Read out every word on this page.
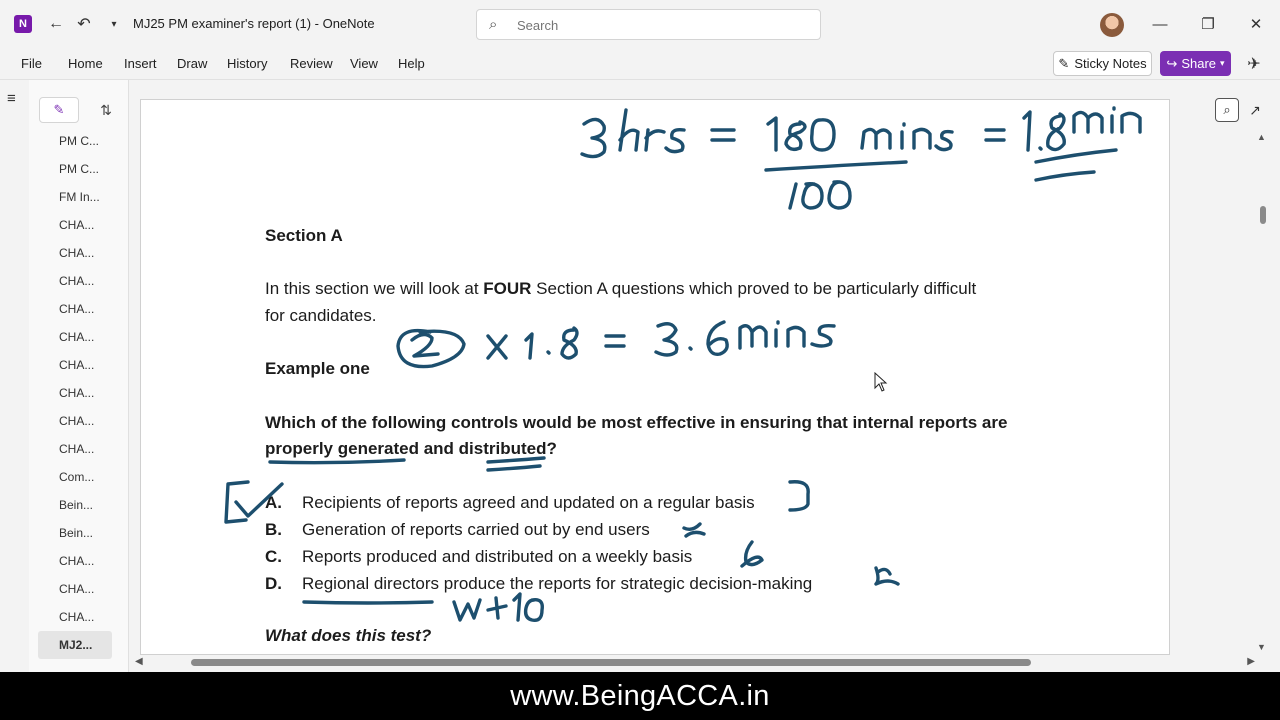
N	← ↶	▾	MJ25 PM examiner's report (1) - OneNote	⌕
Search	—	❐	✕
File Home Insert Draw History Review View Help	✎ Sticky Notes ↪ Share ▾ ✈
≡
✎	⇅
PM C...
PM C...
FM In...
CHA...
CHA...
CHA...
CHA...
CHA...
CHA...
CHA...
CHA...
CHA...
Com...
Bein...
Bein...
CHA...
CHA...
CHA...
MJ2...
Section A
In this section we will look at FOUR Section A questions which proved to be particularly difficult
for candidates.
Example one
Which of the following controls would be most effective in ensuring that internal reports are
properly generated and distributed?
A. Recipients of reports agreed and updated on a regular basis
B. Generation of reports carried out by end users
C. Reports produced and distributed on a weekly basis
D. Regional directors produce the reports for strategic decision-making
What does this test?
⌕	↗
▲
▼
◀	▶
www.BeingACCA.in
